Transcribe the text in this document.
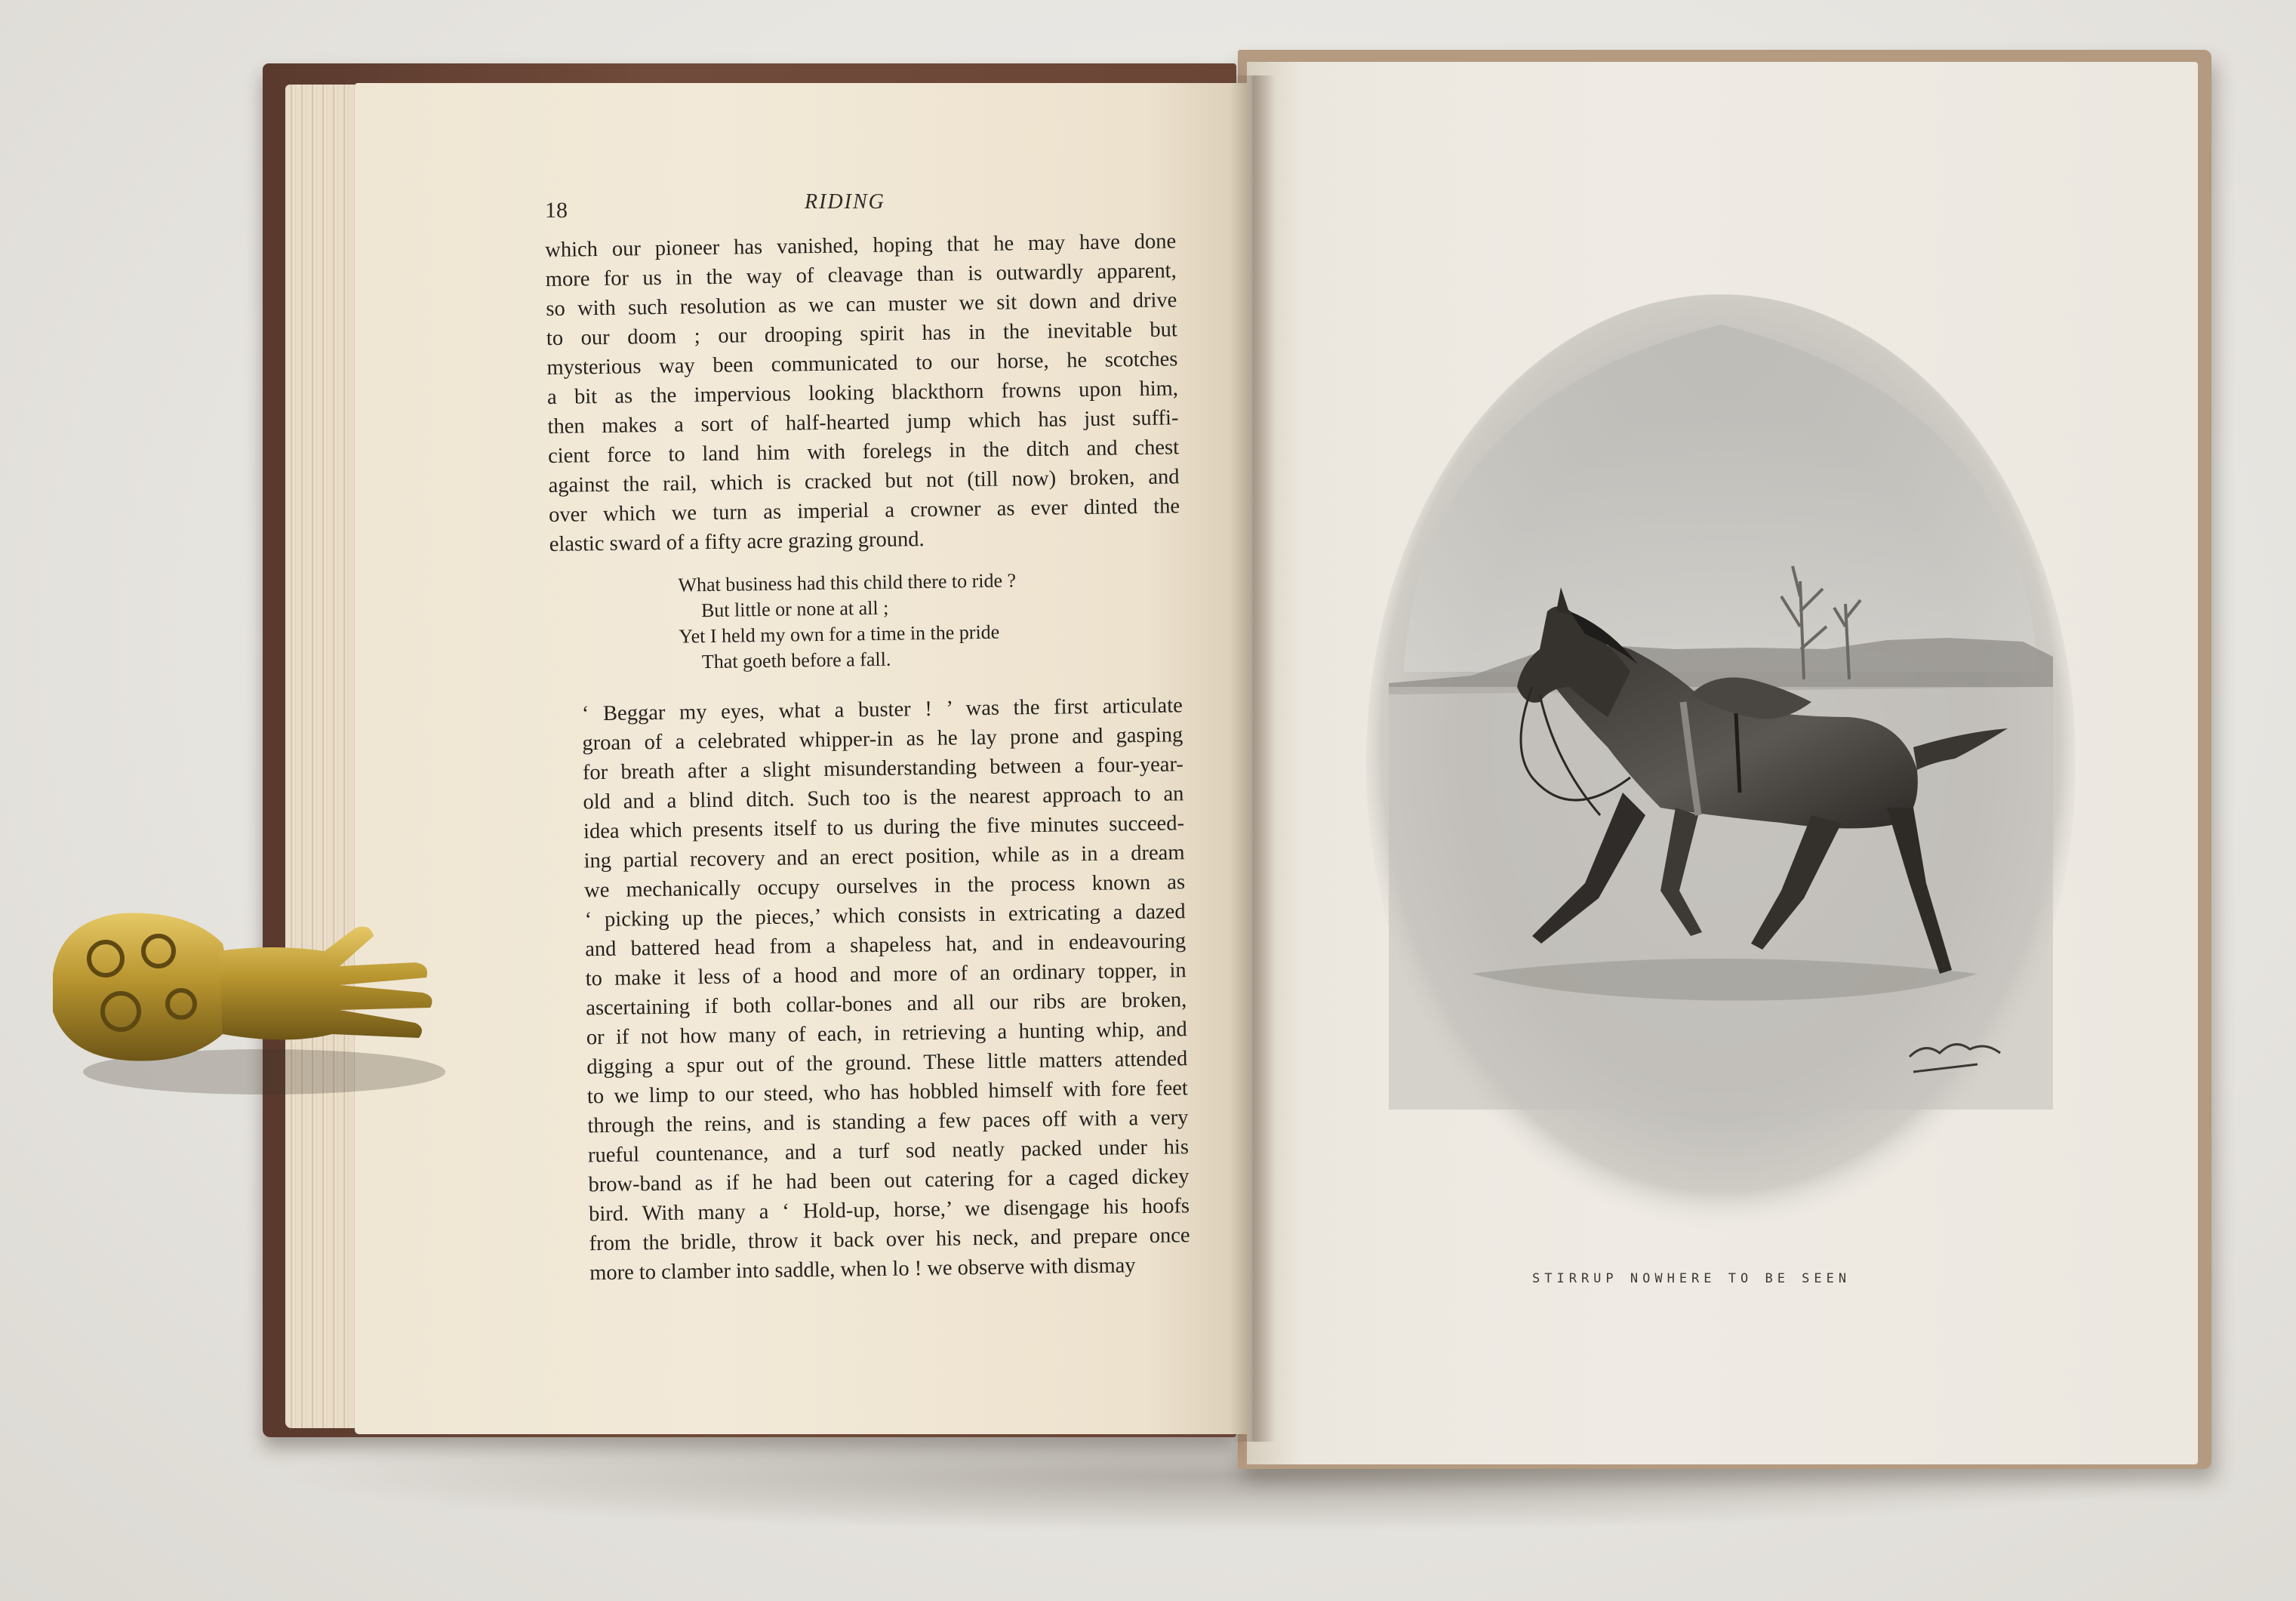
18	RIDING
which our pioneer has vanished, hoping that he may have done
more for us in the way of cleavage than is outwardly apparent,
so with such resolution as we can muster we sit down and drive
to our doom ; our drooping spirit has in the inevitable but
mysterious way been communicated to our horse, he scotches
a bit as the impervious looking blackthorn frowns upon him,
then makes a sort of half-hearted jump which has just suffi-
cient force to land him with forelegs in the ditch and chest
against the rail, which is cracked but not (till now) broken, and
over which we turn as imperial a crowner as ever dinted the
elastic sward of a fifty acre grazing ground.
What business had this child there to ride ?
But little or none at all ;
Yet I held my own for a time in the pride
That goeth before a fall.
‘ Beggar my eyes, what a buster ! ’ was the first articulate
groan of a celebrated whipper-in as he lay prone and gasping
for breath after a slight misunderstanding between a four-year-
old and a blind ditch. Such too is the nearest approach to an
idea which presents itself to us during the five minutes succeed-
ing partial recovery and an erect position, while as in a dream
we mechanically occupy ourselves in the process known as
‘ picking up the pieces,’ which consists in extricating a dazed
and battered head from a shapeless hat, and in endeavouring
to make it less of a hood and more of an ordinary topper, in
ascertaining if both collar-bones and all our ribs are broken,
or if not how many of each, in retrieving a hunting whip, and
digging a spur out of the ground. These little matters attended
to we limp to our steed, who has hobbled himself with fore feet
through the reins, and is standing a few paces off with a very
rueful countenance, and a turf sod neatly packed under his
brow-band as if he had been out catering for a caged dickey
bird. With many a ‘ Hold-up, horse,’ we disengage his hoofs
from the bridle, throw it back over his neck, and prepare once
more to clamber into saddle, when lo ! we observe with dismay	STIRRUP NOWHERE TO BE SEEN
